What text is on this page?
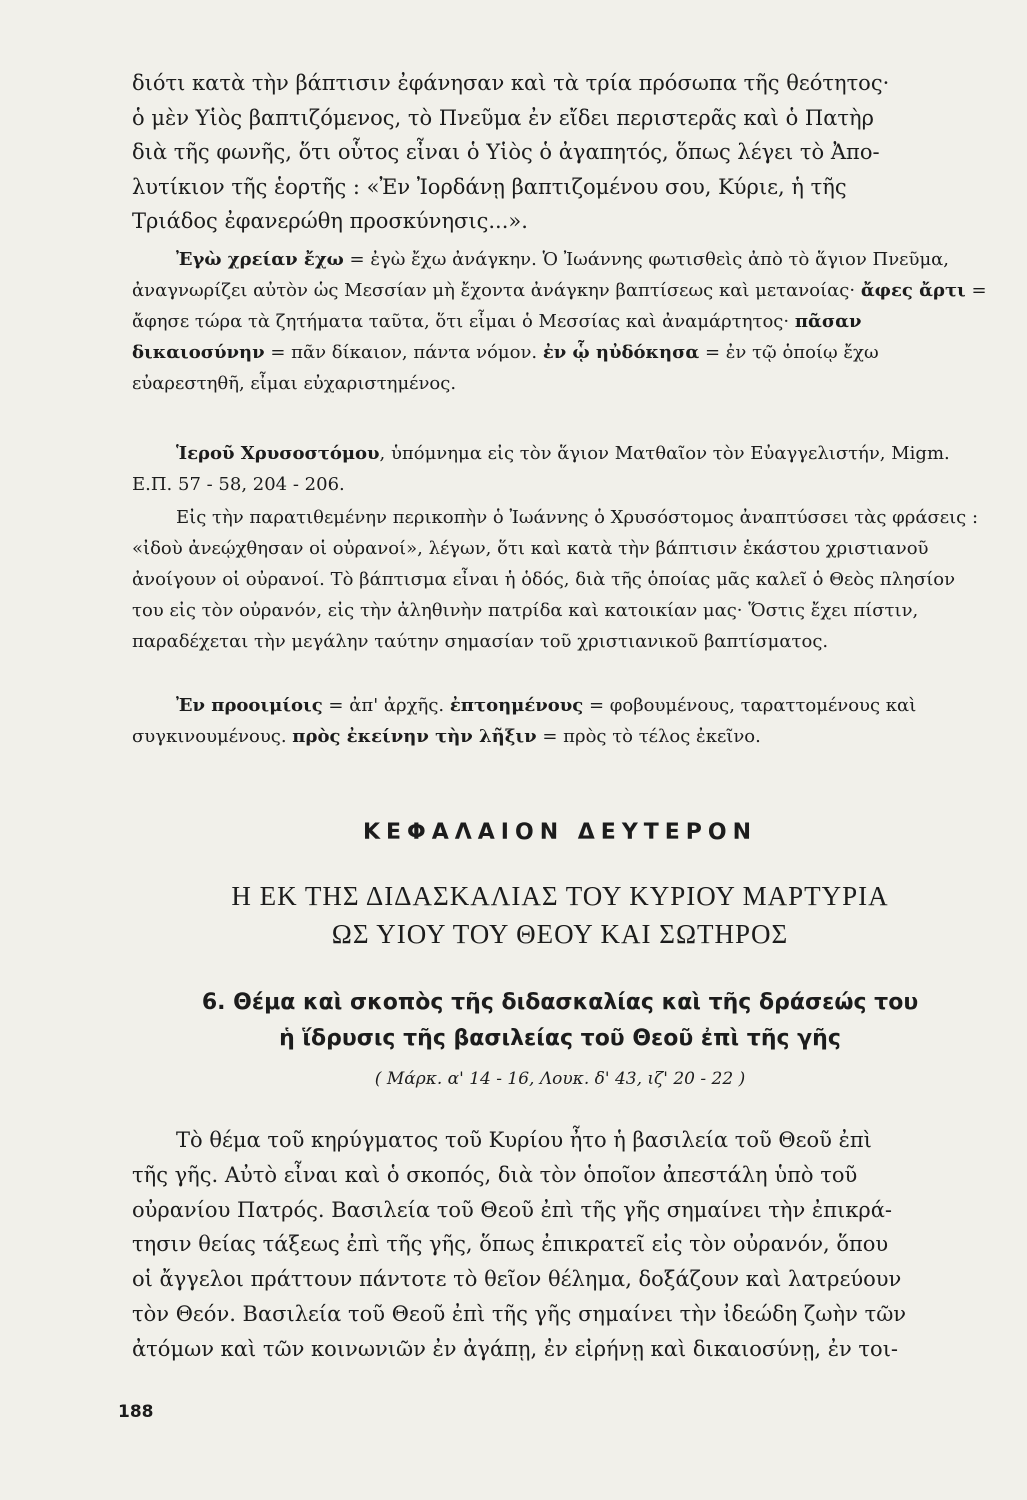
διότι κατὰ τὴν βάπτισιν ἐφάνησαν καὶ τὰ τρία πρόσωπα τῆς θεότητος·
ὁ μὲν Υἱὸς βαπτιζόμενος, τὸ Πνεῦμα ἐν εἴδει περιστερᾶς καὶ ὁ Πατὴρ
διὰ τῆς φωνῆς, ὅτι οὗτος εἶναι ὁ Υἱὸς ὁ ἀγαπητός, ὅπως λέγει τὸ Ἀπο-
λυτίκιον τῆς ἑορτῆς : «Ἐν Ἰορδάνῃ βαπτιζομένου σου, Κύριε, ἡ τῆς
Τριάδος ἐφανερώθη προσκύνησις...».

Ἐγὼ χρείαν ἔχω = ἐγὼ ἔχω ἀνάγκην. Ὁ Ἰωάννης φωτισθεὶς ἀπὸ τὸ ἅγιον Πνεῦμα, ἀναγνωρίζει αὐτὸν ὡς Μεσσίαν μὴ ἔχοντα ἀνάγκην βαπτίσεως καὶ μετανοίας· ἄφες ἄρτι = ἄφησε τώρα τὰ ζητήματα ταῦτα, ὅτι εἶμαι ὁ Μεσσίας καὶ ἀναμάρτητος· πᾶσαν δικαιοσύνην = πᾶν δίκαιον, πάντα νόμον. ἐν ᾧ ηὐδόκησα = ἐν τῷ ὁποίῳ ἔχω εὐαρεστηθῆ, εἶμαι εὐχαριστημένος.

Ἱεροῦ Χρυσοστόμου, ὑπόμνημα εἰς τὸν ἅγιον Ματθαῖον τὸν Εὐαγγελιστήν, Migm. Ε.Π. 57 - 58, 204 - 206.

Εἰς τὴν παρατιθεμένην περικοπὴν ὁ Ἰωάννης ὁ Χρυσόστομος ἀναπτύσσει τὰς φράσεις : «ἰδοὺ ἀνεῴχθησαν οἱ οὐρανοί», λέγων, ὅτι καὶ κατὰ τὴν βάπτισιν ἑκάστου χριστιανοῦ ἀνοίγουν οἱ οὐρανοί. Τὸ βάπτισμα εἶναι ἡ ὁδός, διὰ τῆς ὁποίας μᾶς καλεῖ ὁ Θεὸς πλησίον του εἰς τὸν οὐρανόν, εἰς τὴν ἀληθινὴν πατρίδα καὶ κατοικίαν μας· Ὅστις ἔχει πίστιν, παραδέχεται τὴν μεγάλην ταύτην σημασίαν τοῦ χριστιανικοῦ βαπτίσματος.

Ἐν προοιμίοις = ἀπ' ἀρχῆς. ἐπτοημένους = φοβουμένους, ταραττομένους καὶ συγκινουμένους. πρὸς ἐκείνην τὴν λῆξιν = πρὸς τὸ τέλος ἐκεῖνο.

ΚΕΦΑΛΑΙΟΝ ΔΕΥΤΕΡΟΝ
Η ΕΚ ΤΗΣ ΔΙΔΑΣΚΑΛΙΑΣ ΤΟΥ ΚΥΡΙΟΥ ΜΑΡΤΥΡΙΑ
ΩΣ ΥΙΟΥ ΤΟΥ ΘΕΟΥ ΚΑΙ ΣΩΤΗΡΟΣ
6. Θέμα καὶ σκοπὸς τῆς διδασκαλίας καὶ τῆς δράσεώς του
ἡ ἵδρυσις τῆς βασιλείας τοῦ Θεοῦ ἐπὶ τῆς γῆς
( Μάρκ. α' 14 - 16, Λουκ. δ' 43, ιζ' 20 - 22 )
Τὸ θέμα τοῦ κηρύγματος τοῦ Κυρίου ἦτο ἡ βασιλεία τοῦ Θεοῦ ἐπὶ
τῆς γῆς. Αὐτὸ εἶναι καὶ ὁ σκοπός, διὰ τὸν ὁποῖον ἀπεστάλη ὑπὸ τοῦ
οὐρανίου Πατρός. Βασιλεία τοῦ Θεοῦ ἐπὶ τῆς γῆς σημαίνει τὴν ἐπικρά-
τησιν θείας τάξεως ἐπὶ τῆς γῆς, ὅπως ἐπικρατεῖ εἰς τὸν οὐρανόν, ὅπου
οἱ ἄγγελοι πράττουν πάντοτε τὸ θεῖον θέλημα, δοξάζουν καὶ λατρεύουν
τὸν Θεόν. Βασιλεία τοῦ Θεοῦ ἐπὶ τῆς γῆς σημαίνει τὴν ἰδεώδη ζωὴν τῶν
ἀτόμων καὶ τῶν κοινωνιῶν ἐν ἀγάπῃ, ἐν εἰρήνῃ καὶ δικαιοσύνῃ, ἐν τοι-
188
